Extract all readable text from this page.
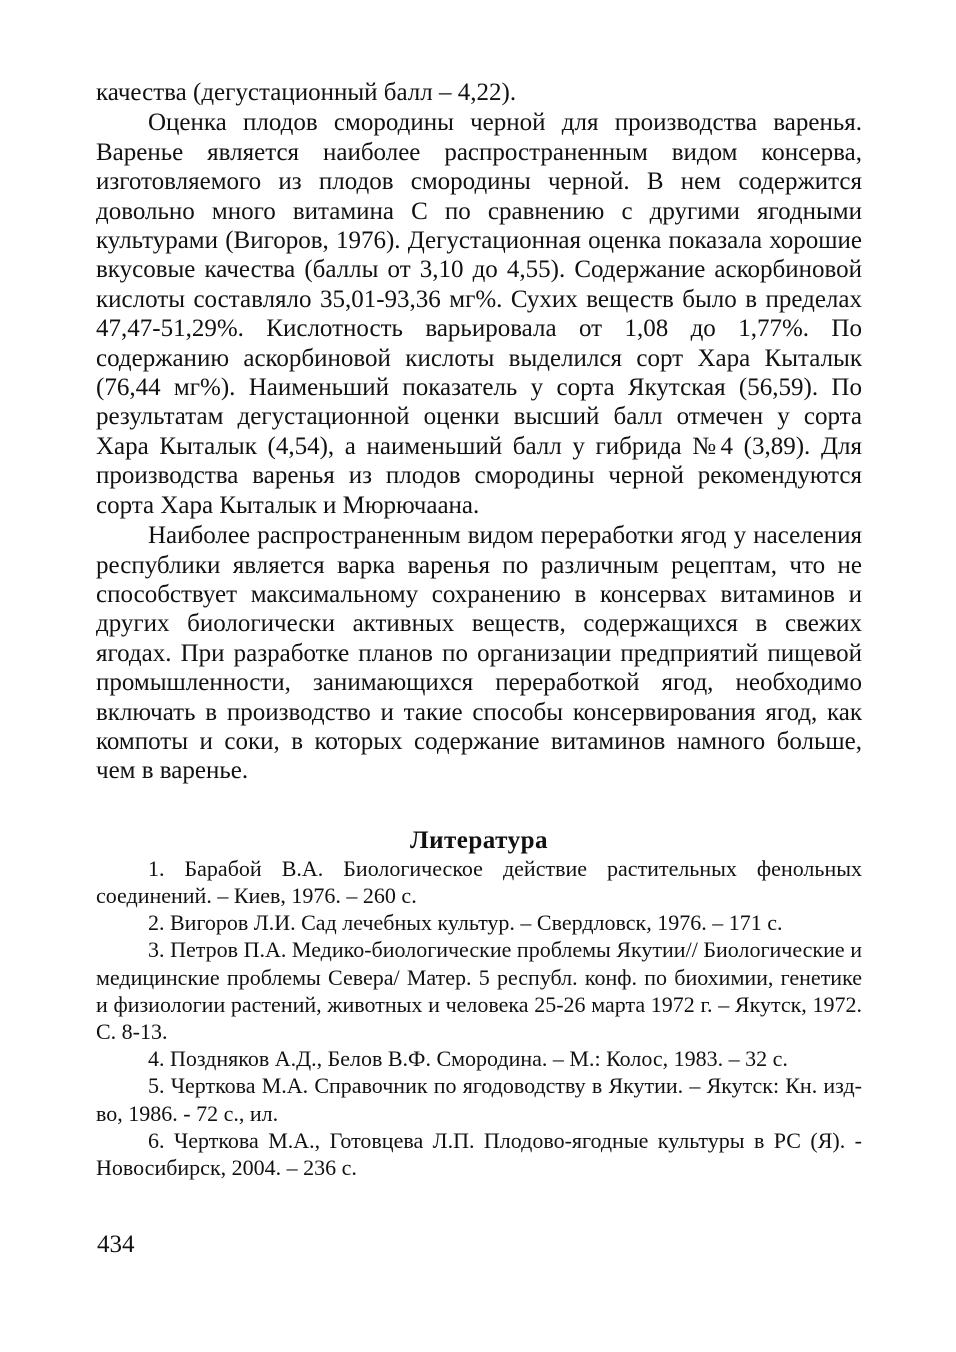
качества (дегустационный балл – 4,22).

Оценка плодов смородины черной для производства варенья. Варенье является наиболее распространенным видом консерва, изготовляемого из плодов смородины черной. В нем содержится довольно много витамина С по сравнению с другими ягодными культурами (Вигоров, 1976). Дегустационная оценка показала хорошие вкусовые качества (баллы от 3,10 до 4,55). Содержание аскорбиновой кислоты составляло 35,01-93,36 мг%. Сухих веществ было в пределах 47,47-51,29%. Кислотность варьировала от 1,08 до 1,77%. По содержанию аскорбиновой кислоты выделился сорт Хара Кыталык (76,44 мг%). Наименьший показатель у сорта Якутская (56,59). По результатам дегустационной оценки высший балл отмечен у сорта Хара Кыталык (4,54), а наименьший балл у гибрида №4 (3,89). Для производства варенья из плодов смородины черной рекомендуются сорта Хара Кыталык и Мюрючаана.

Наиболее распространенным видом переработки ягод у населения республики является варка варенья по различным рецептам, что не способствует максимальному сохранению в консервах витаминов и других биологически активных веществ, содержащихся в свежих ягодах. При разработке планов по организации предприятий пищевой промышленности, занимающихся переработкой ягод, необходимо включать в производство и такие способы консервирования ягод, как компоты и соки, в которых содержание витаминов намного больше, чем в варенье.

Литература

1. Барабой В.А. Биологическое действие растительных фенольных соединений. – Киев, 1976. – 260 с.

2. Вигоров Л.И. Сад лечебных культур. – Свердловск, 1976. – 171 с.

3. Петров П.А. Медико-биологические проблемы Якутии// Биологические и медицинские проблемы Севера/ Матер. 5 республ. конф. по биохимии, генетике и физиологии растений, животных и человека 25-26 марта 1972 г. – Якутск, 1972. С. 8-13.

4. Поздняков А.Д., Белов В.Ф. Смородина. – М.: Колос, 1983. – 32 с.

5. Черткова М.А. Справочник по ягодоводству в Якутии. – Якутск: Кн. изд-во, 1986. - 72 с., ил.

6. Черткова М.А., Готовцева Л.П. Плодово-ягодные культуры в РС (Я). - Новосибирск, 2004. – 236 с.

434
